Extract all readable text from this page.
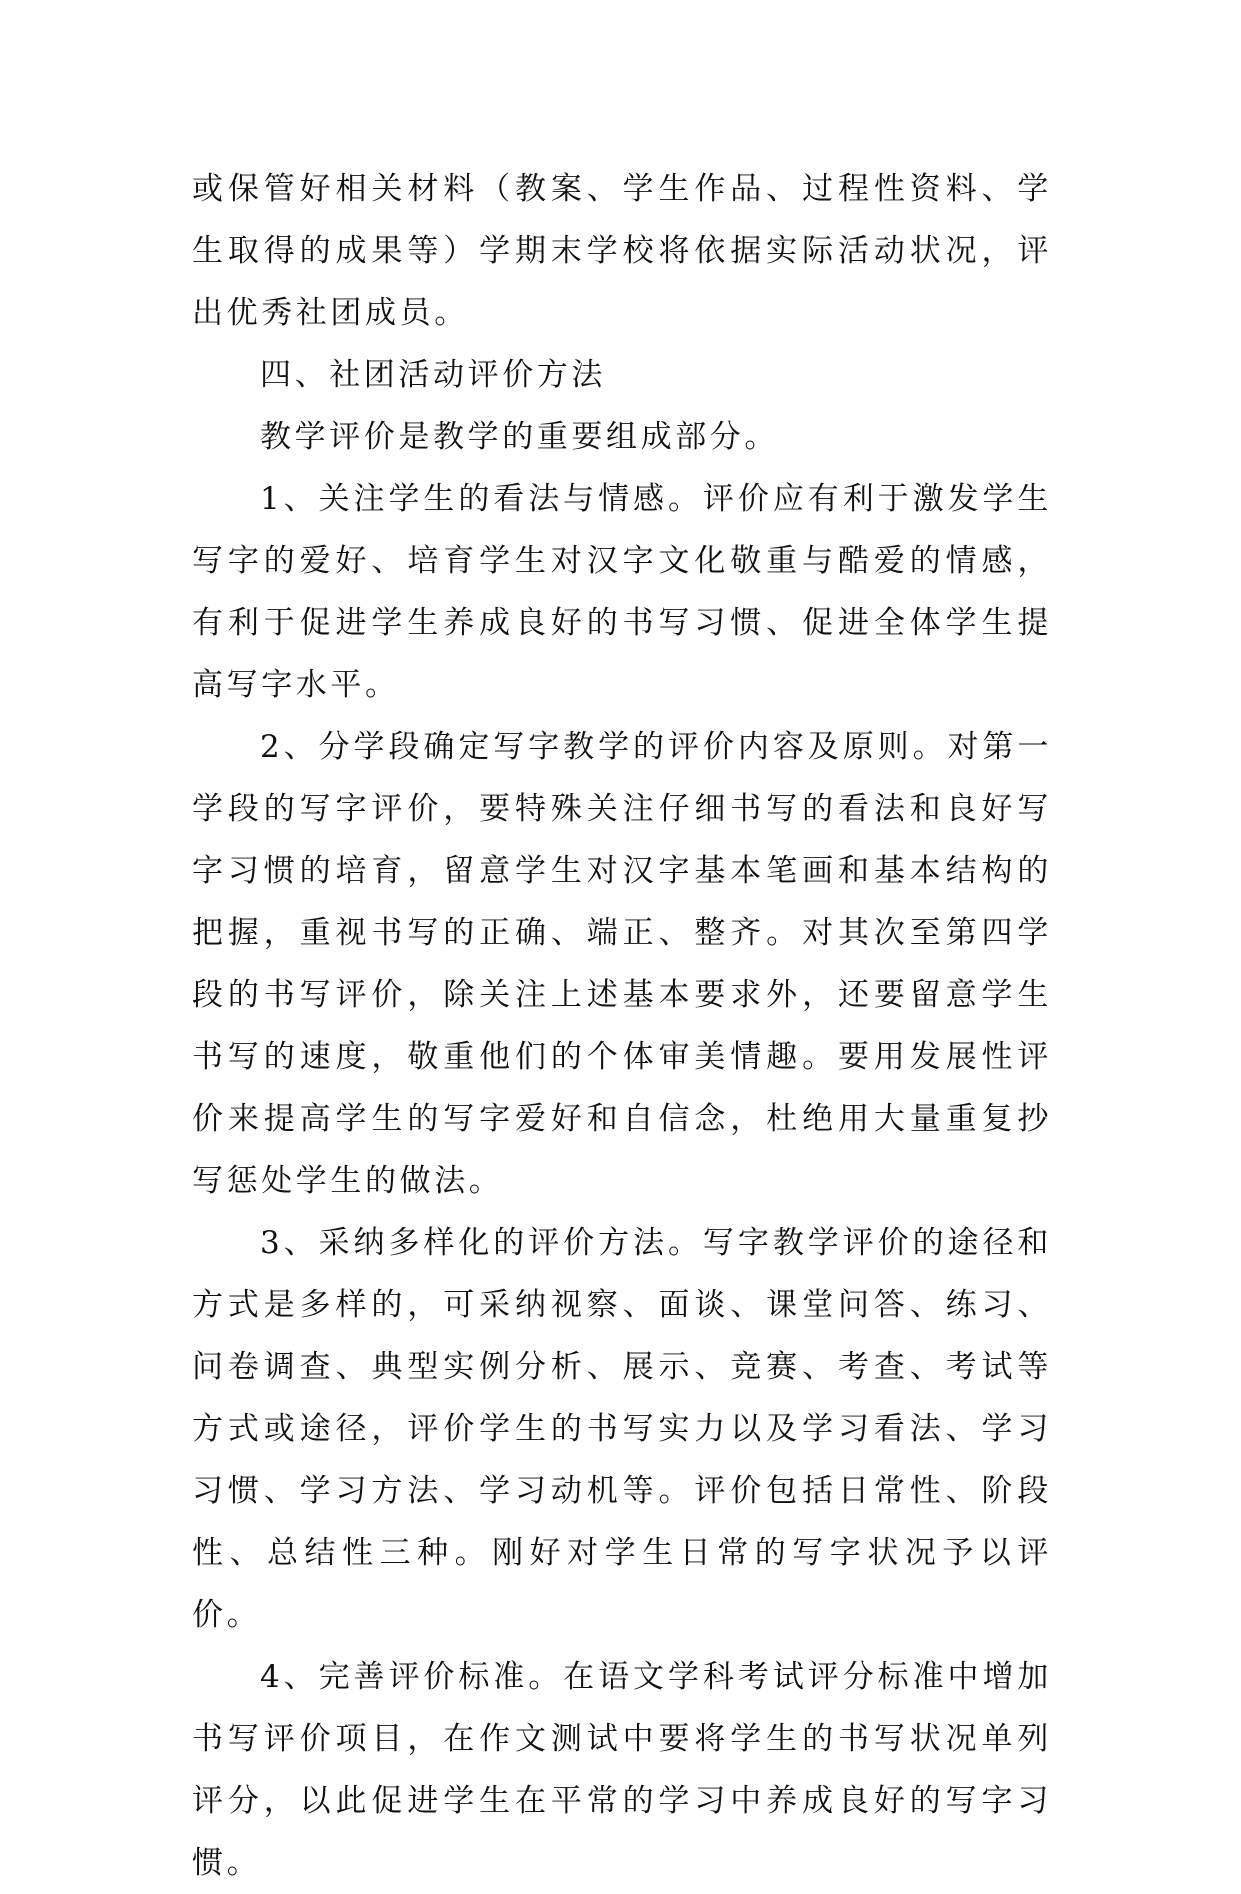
或保管好相关材料（教案、学生作品、过程性资料、学生取得的成果等）学期末学校将依据实际活动状况，评出优秀社团成员。

四、社团活动评价方法

教学评价是教学的重要组成部分。

1、关注学生的看法与情感。评价应有利于激发学生写字的爱好、培育学生对汉字文化敬重与酷爱的情感，有利于促进学生养成良好的书写习惯、促进全体学生提高写字水平。

2、分学段确定写字教学的评价内容及原则。对第一学段的写字评价，要特殊关注仔细书写的看法和良好写字习惯的培育，留意学生对汉字基本笔画和基本结构的把握，重视书写的正确、端正、整齐。对其次至第四学段的书写评价，除关注上述基本要求外，还要留意学生书写的速度，敬重他们的个体审美情趣。要用发展性评价来提高学生的写字爱好和自信念，杜绝用大量重复抄写惩处学生的做法。

3、采纳多样化的评价方法。写字教学评价的途径和方式是多样的，可采纳视察、面谈、课堂问答、练习、问卷调查、典型实例分析、展示、竞赛、考查、考试等方式或途径，评价学生的书写实力以及学习看法、学习习惯、学习方法、学习动机等。评价包括日常性、阶段性、总结性三种。刚好对学生日常的写字状况予以评价。

4、完善评价标准。在语文学科考试评分标准中增加书写评价项目，在作文测试中要将学生的书写状况单列评分，以此促进学生在平常的学习中养成良好的写字习惯。
